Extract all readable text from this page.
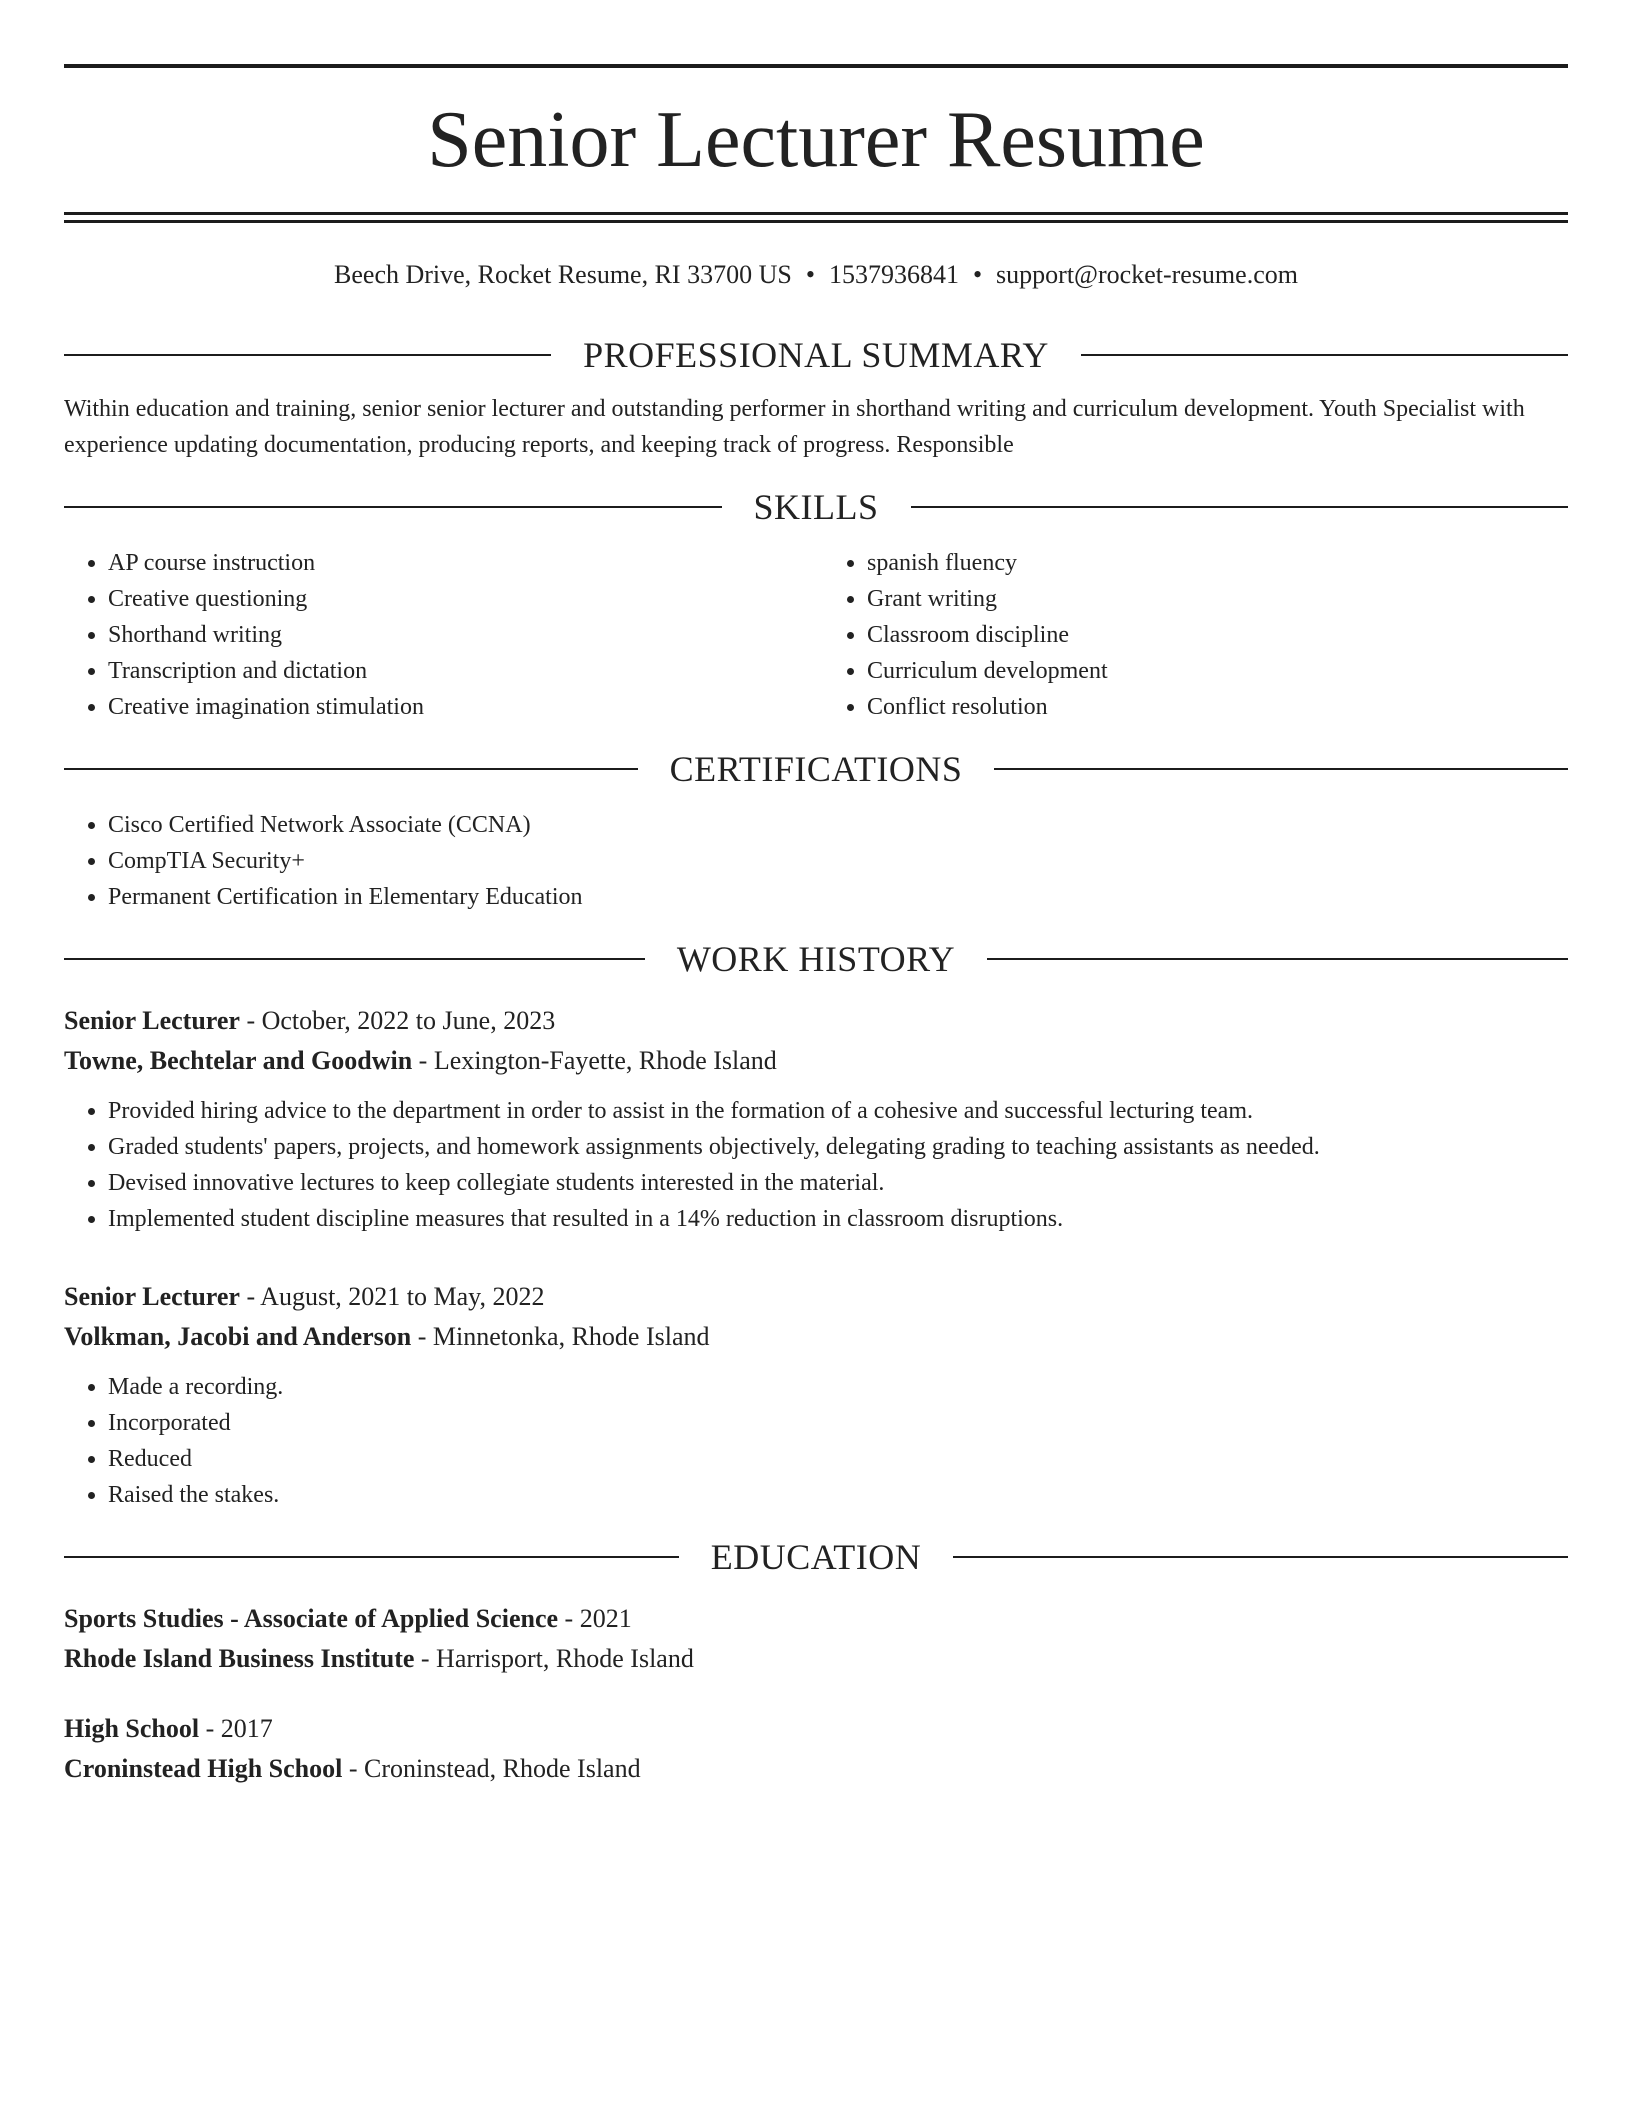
Senior Lecturer Resume
Beech Drive, Rocket Resume, RI 33700 US • 1537936841 • support@rocket-resume.com
PROFESSIONAL SUMMARY
Within education and training, senior senior lecturer and outstanding performer in shorthand writing and curriculum development. Youth Specialist with experience updating documentation, producing reports, and keeping track of progress. Responsible
SKILLS
• AP course instruction
• Creative questioning
• Shorthand writing
• Transcription and dictation
• Creative imagination stimulation
• spanish fluency
• Grant writing
• Classroom discipline
• Curriculum development
• Conflict resolution
CERTIFICATIONS
• Cisco Certified Network Associate (CCNA)
• CompTIA Security+
• Permanent Certification in Elementary Education
WORK HISTORY
Senior Lecturer - October, 2022 to June, 2023
Towne, Bechtelar and Goodwin - Lexington-Fayette, Rhode Island
• Provided hiring advice to the department in order to assist in the formation of a cohesive and successful lecturing team.
• Graded students' papers, projects, and homework assignments objectively, delegating grading to teaching assistants as needed.
• Devised innovative lectures to keep collegiate students interested in the material.
• Implemented student discipline measures that resulted in a 14% reduction in classroom disruptions.
Senior Lecturer - August, 2021 to May, 2022
Volkman, Jacobi and Anderson - Minnetonka, Rhode Island
• Made a recording.
• Incorporated
• Reduced
• Raised the stakes.
EDUCATION
Sports Studies - Associate of Applied Science - 2021
Rhode Island Business Institute - Harrisport, Rhode Island
High School - 2017
Croninstead High School - Croninstead, Rhode Island
